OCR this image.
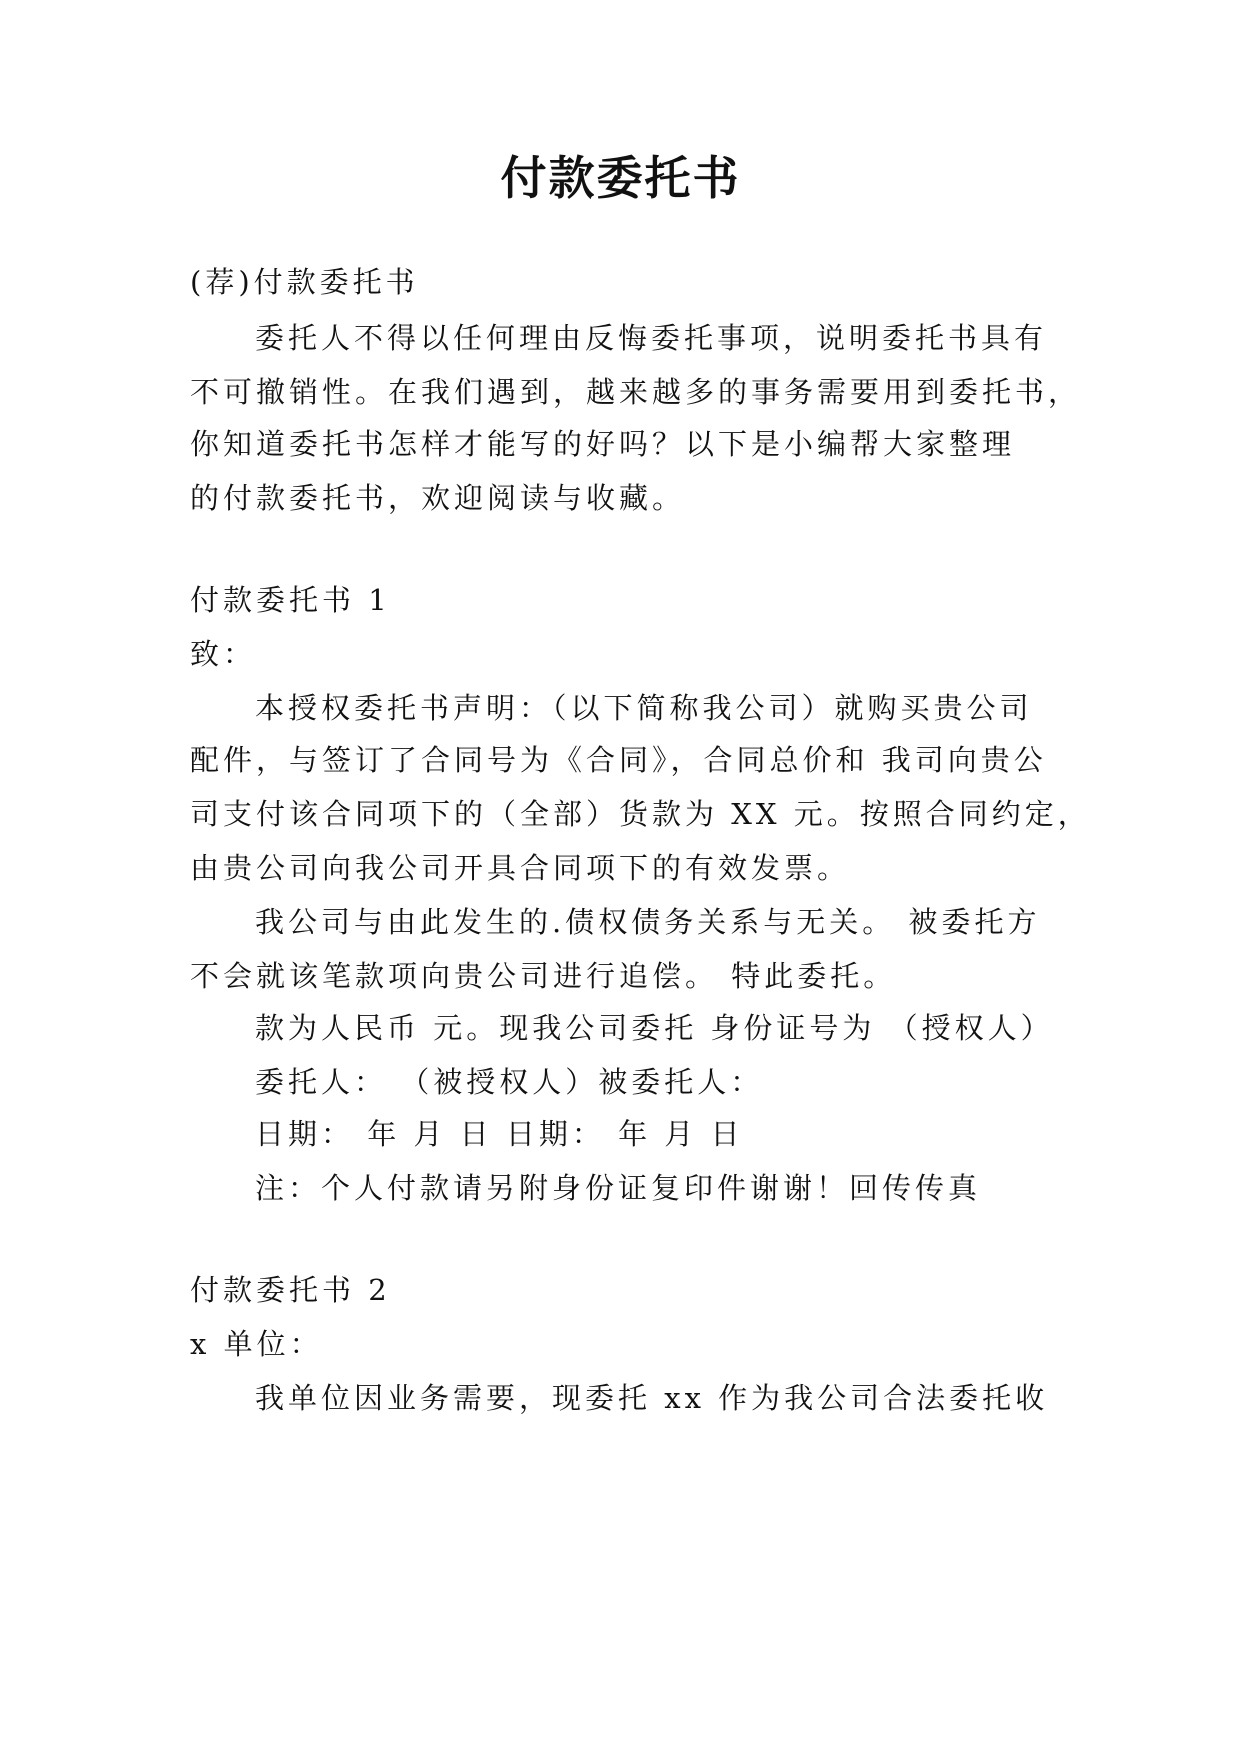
付款委托书
(荐)付款委托书
委托人不得以任何理由反悔委托事项，说明委托书具有
不可撤销性。在我们遇到，越来越多的事务需要用到委托书，
你知道委托书怎样才能写的好吗？以下是小编帮大家整理
的付款委托书，欢迎阅读与收藏。
付款委托书 1
致：
本授权委托书声明：（以下简称我公司）就购买贵公司
配件，与签订了合同号为《合同》，合同总价和 我司向贵公
司支付该合同项下的（全部）货款为 XX 元。按照合同约定，
由贵公司向我公司开具合同项下的有效发票。
我公司与由此发生的.债权债务关系与无关。 被委托方
不会就该笔款项向贵公司进行追偿。 特此委托。
款为人民币 元。现我公司委托 身份证号为 （授权人）
委托人： （被授权人）被委托人：
日期： 年 月 日 日期： 年 月 日
注：个人付款请另附身份证复印件谢谢！回传传真
付款委托书 2
x 单位：
我单位因业务需要，现委托 xx 作为我公司合法委托收
